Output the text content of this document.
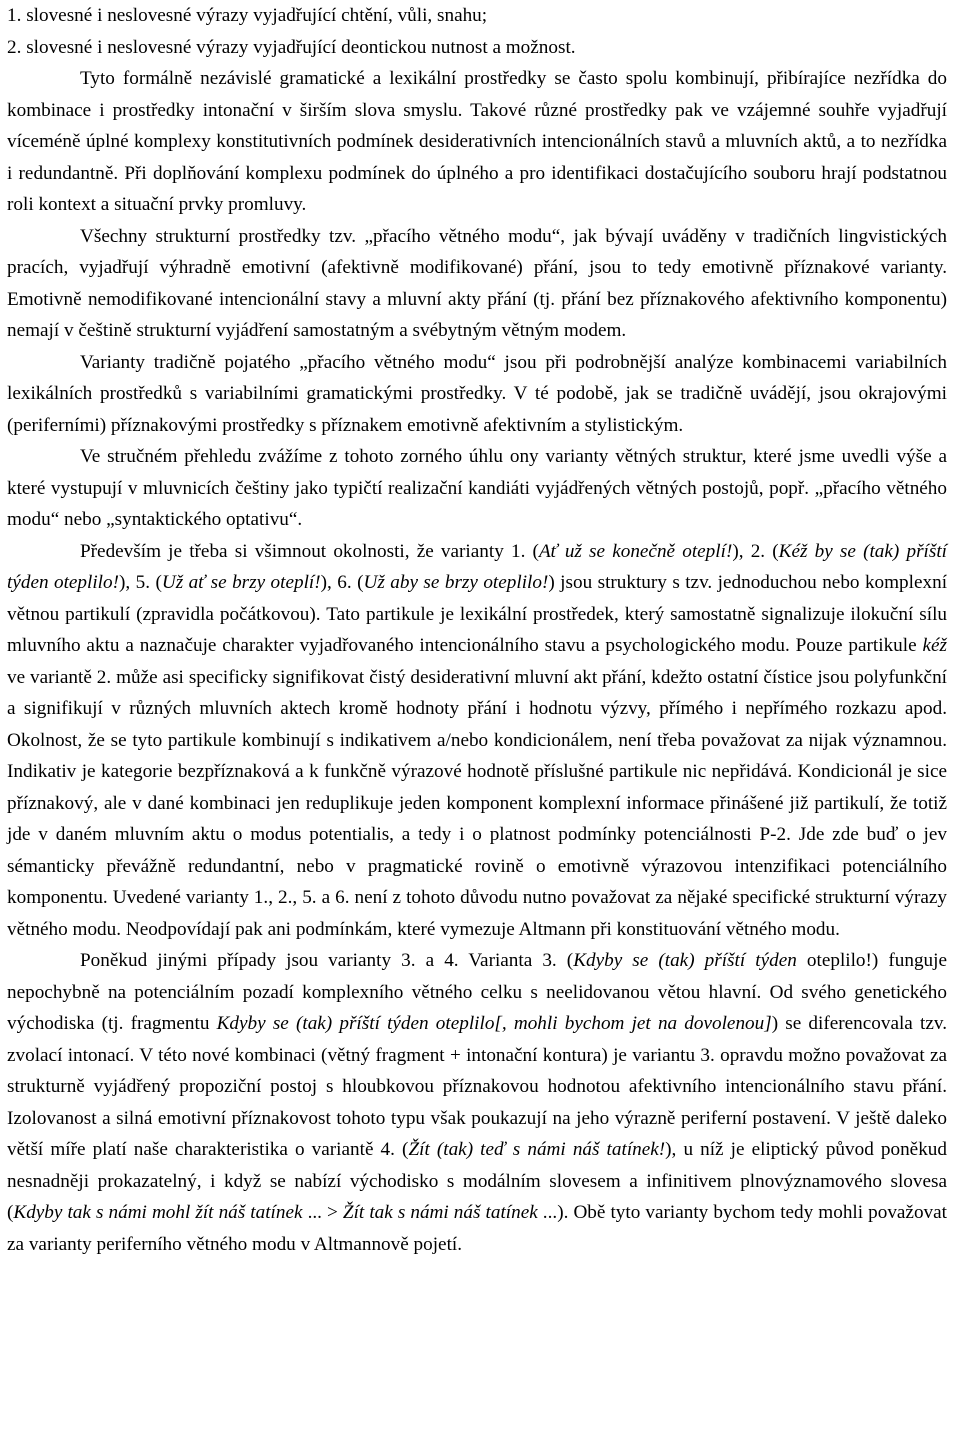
1. slovesné i neslovesné výrazy vyjadřující chtění, vůli, snahu;

2. slovesné i neslovesné výrazy vyjadřující deontickou nutnost a možnost.

Tyto formálně nezávislé gramatické a lexikální prostředky se často spolu kombinují, přibírajíce nezřídka do kombinace i prostředky intonační v širším slova smyslu. Takové různé prostředky pak ve vzájemné souhře vyjadřují víceméně úplné komplexy konstitutivních podmínek desiderativních intencionálních stavů a mluvních aktů, a to nezřídka i redundantně. Při doplňování komplexu podmínek do úplného a pro identifikaci dostačujícího souboru hrají podstatnou roli kontext a situační prvky promluvy.

Všechny strukturní prostředky tzv. „přacího větného modu“, jak bývají uváděny v tradičních lingvistických pracích, vyjadřují výhradně emotivní (afektivně modifikované) přání, jsou to tedy emotivně příznakové varianty. Emotivně nemodifikované intencionální stavy a mluvní akty přání (tj. přání bez příznakového afektivního komponentu) nemají v češtině strukturní vyjádření samostatným a svébytným větným modem.

Varianty tradičně pojatého „přacího větného modu“ jsou při podrobnější analýze kombinacemi variabilních lexikálních prostředků s variabilními gramatickými prostředky. V té podobě, jak se tradičně uvádějí, jsou okrajovými (periferními) příznakovými prostředky s příznakem emotivně afektivním a stylistickým.

Ve stručném přehledu zvážíme z tohoto zorného úhlu ony varianty větných struktur, které jsme uvedli výše a které vystupují v mluvnicích češtiny jako typičtí realizační kandiáti vyjádřených větných postojů, popř. „přacího větného modu“ nebo „syntaktického optativu“.

Především je třeba si všimnout okolnosti, že varianty 1. (Ať už se konečně oteplí!), 2. (Kéž by se (tak) příští týden oteplilo!), 5. (Už ať se brzy oteplí!), 6. (Už aby se brzy oteplilo!) jsou struktury s tzv. jednoduchou nebo komplexní větnou partikulí (zpravidla počátkovou). Tato partikule je lexikální prostředek, který samostatně signalizuje ilokuční sílu mluvního aktu a naznačuje charakter vyjadřovaného intencionálního stavu a psychologického modu. Pouze partikule kéž ve variantě 2. může asi specificky signifikovat čistý desiderativní mluvní akt přání, kdežto ostatní čístice jsou polyfunkční a signifikují v různých mluvních aktech kromě hodnoty přání i hodnotu výzvy, přímého i nepřímého rozkazu apod. Okolnost, že se tyto partikule kombinují s indikativem a/nebo kondicionálem, není třeba považovat za nijak významnou. Indikativ je kategorie bezpříznaková a k funkčně výrazové hodnotě příslušné partikule nic nepřidává. Kondicionál je sice příznakový, ale v dané kombinaci jen reduplikuje jeden komponent komplexní informace přinášené již partikulí, že totiž jde v daném mluvním aktu o modus potentialis, a tedy i o platnost podmínky potenciálnosti P-2. Jde zde buď o jev sémanticky převážně redundantní, nebo v pragmatické rovině o emotivně výrazovou intenzifikaci potenciálního komponentu. Uvedené varianty 1., 2., 5. a 6. není z tohoto důvodu nutno považovat za nějaké specifické strukturní výrazy větného modu. Neodpovídají pak ani podmínkám, které vymezuje Altmann při konstituování větného modu.

Poněkud jinými případy jsou varianty 3. a 4. Varianta 3. (Kdyby se (tak) příští týden oteplilo!) funguje nepochybně na potenciálním pozadí komplexního větného celku s neelidovanou větou hlavní. Od svého genetického východiska (tj. fragmentu Kdyby se (tak) příští týden oteplilo[, mohli bychom jet na dovolenou]) se diferencovala tzv. zvolací intonací. V této nové kombinaci (větný fragment + intonační kontura) je variantu 3. opravdu možno považovat za strukturně vyjádřený propoziční postoj s hloubkovou příznakovou hodnotou afektivního intencionálního stavu přání. Izolovanost a silná emotivní příznakovost tohoto typu však poukazují na jeho výrazně periferní postavení. V ještě daleko větší míře platí naše charakteristika o variantě 4. (Žít (tak) teď s námi náš tatínek!), u níž je eliptický původ poněkud nesnadněji prokazatelný, i když se nabízí východisko s modálním slovesem a infinitivem plnovýznamového slovesa (Kdyby tak s námi mohl žít náš tatínek ... > Žít tak s námi náš tatínek ...). Obě tyto varianty bychom tedy mohli považovat za varianty periferního větného modu v Altmannově pojetí.
